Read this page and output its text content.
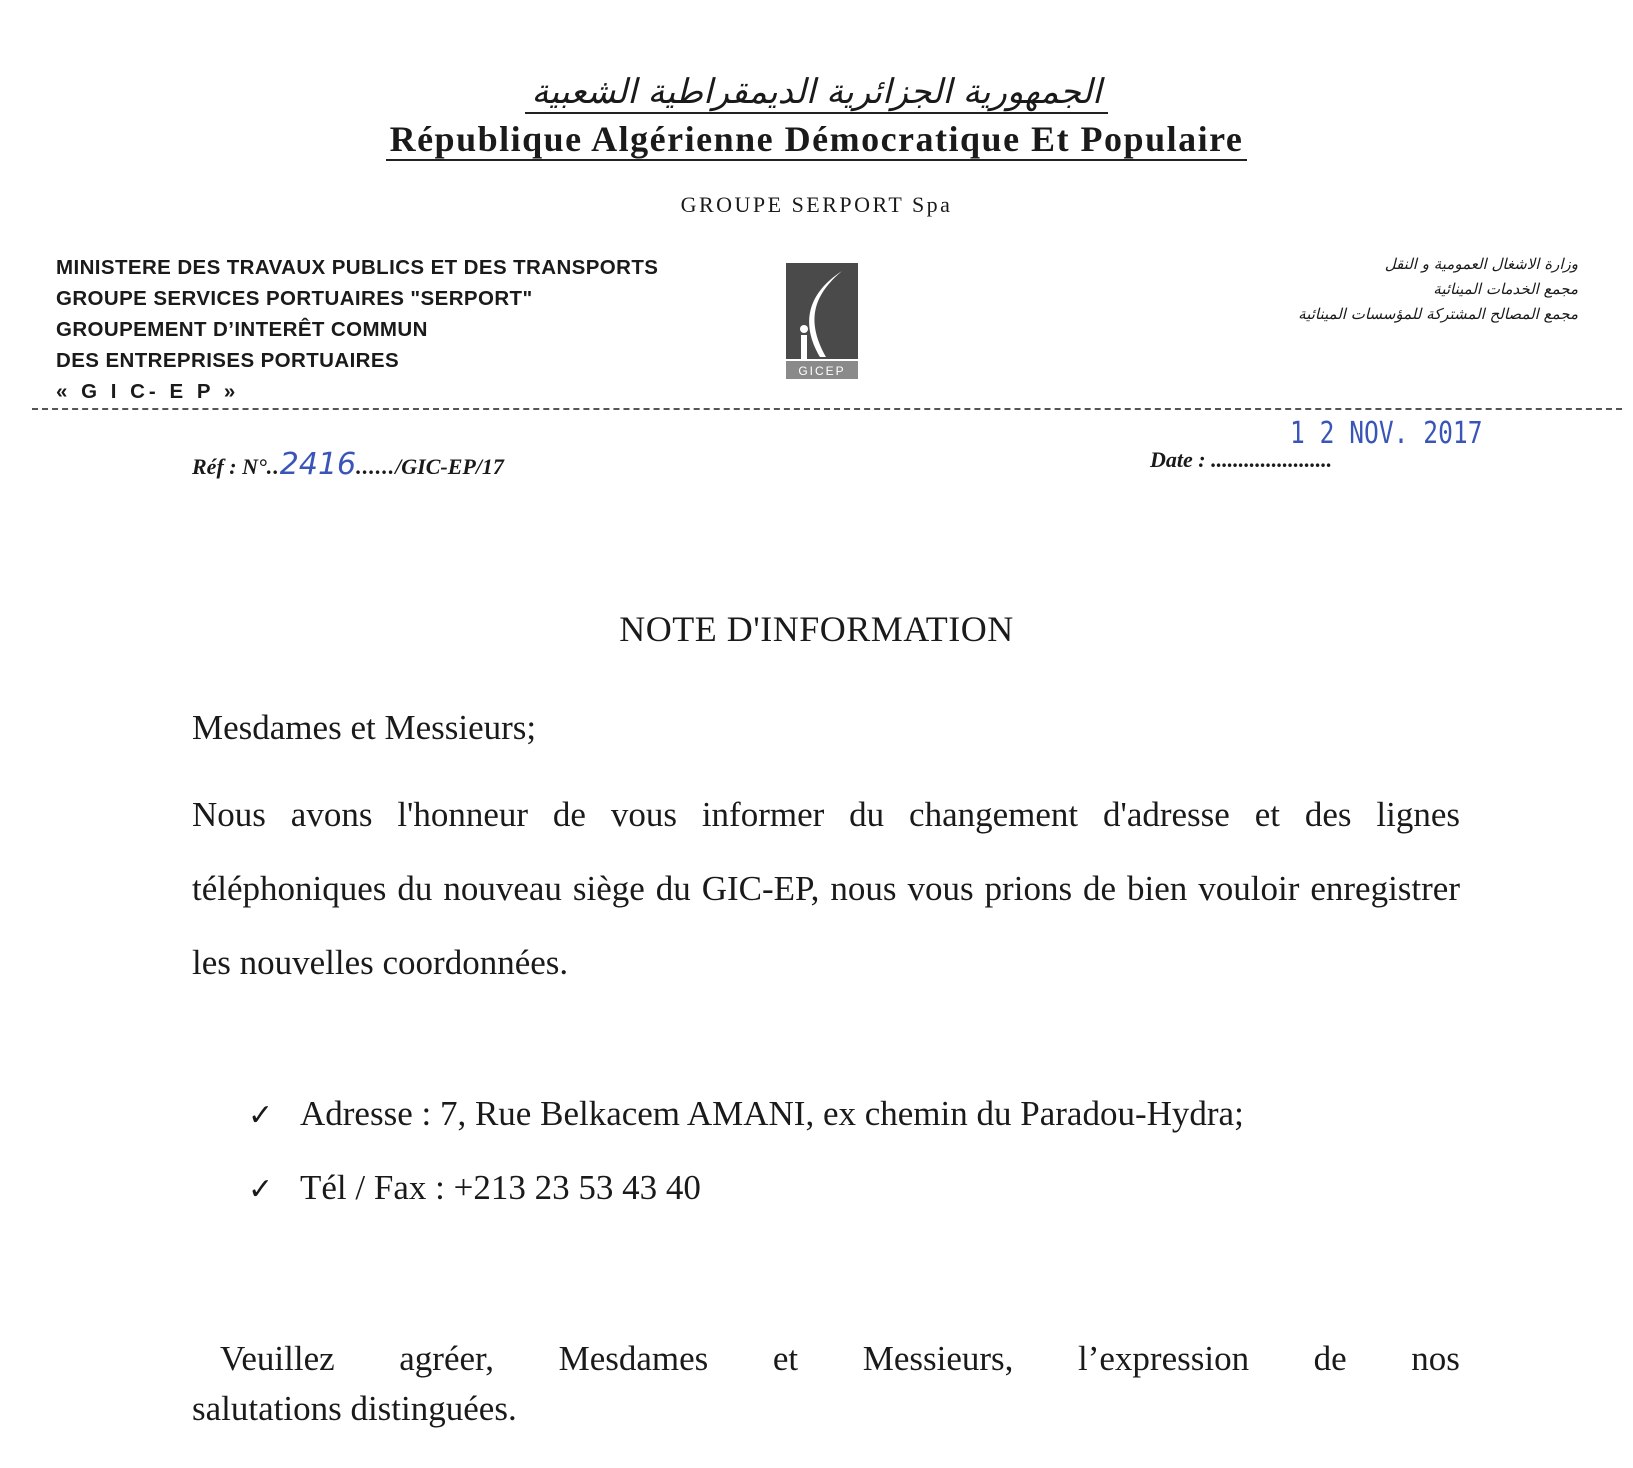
الجمهورية الجزائرية الديمقراطية الشعبية
République Algérienne Démocratique Et Populaire
GROUPE SERPORT Spa
MINISTERE DES TRAVAUX PUBLICS ET DES TRANSPORTS
GROUPE SERVICES PORTUAIRES "SERPORT"
GROUPEMENT D’INTERÊT COMMUN
DES ENTREPRISES PORTUAIRES
« G I C- E P »
GICEP
وزارة الاشغال العمومية و النقل
مجمع الخدمات المينائية
مجمع المصالح المشتركة للمؤسسات المينائية
Réf : N°..2416....../GIC-EP/17
1 2 NOV. 2017
Date : ......................
NOTE D'INFORMATION
Mesdames et Messieurs;
Nous avons l'honneur de vous informer du changement d'adresse et des lignes téléphoniques du nouveau siège du GIC-EP, nous vous prions de bien vouloir enregistrer les nouvelles coordonnées.
✓ Adresse : 7, Rue Belkacem AMANI, ex chemin du Paradou-Hydra;
✓ Tél / Fax : +213 23 53 43 40
Veuillez agréer, Mesdames et Messieurs, l’expression de nos
salutations distinguées.
